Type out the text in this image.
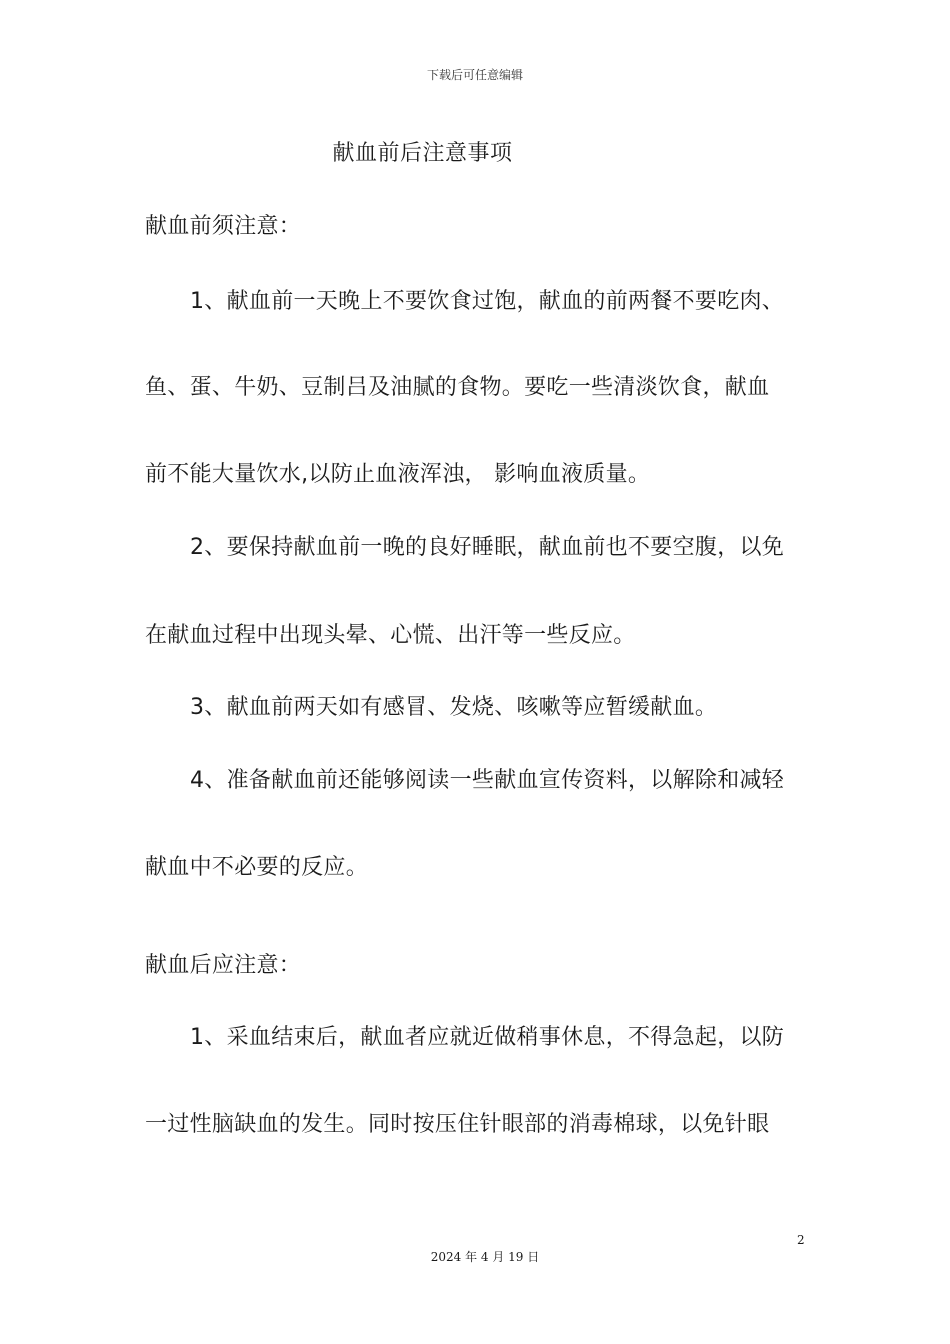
下载后可任意编辑
献血前后注意事项
献血前须注意：
1、献血前一天晚上不要饮食过饱，献血的前两餐不要吃肉、
鱼、蛋、牛奶、豆制吕及油腻的食物。要吃一些清淡饮食，献血
前不能大量饮水,以防止血液浑浊， 影响血液质量。
2、要保持献血前一晚的良好睡眠，献血前也不要空腹，以免
在献血过程中出现头晕、心慌、出汗等一些反应。
3、献血前两天如有感冒、发烧、咳嗽等应暂缓献血。
4、准备献血前还能够阅读一些献血宣传资料，以解除和减轻
献血中不必要的反应。
献血后应注意：
1、采血结束后，献血者应就近做稍事休息，不得急起，以防
一过性脑缺血的发生。同时按压住针眼部的消毒棉球，以免针眼
2
2024 年 4 月 19 日
